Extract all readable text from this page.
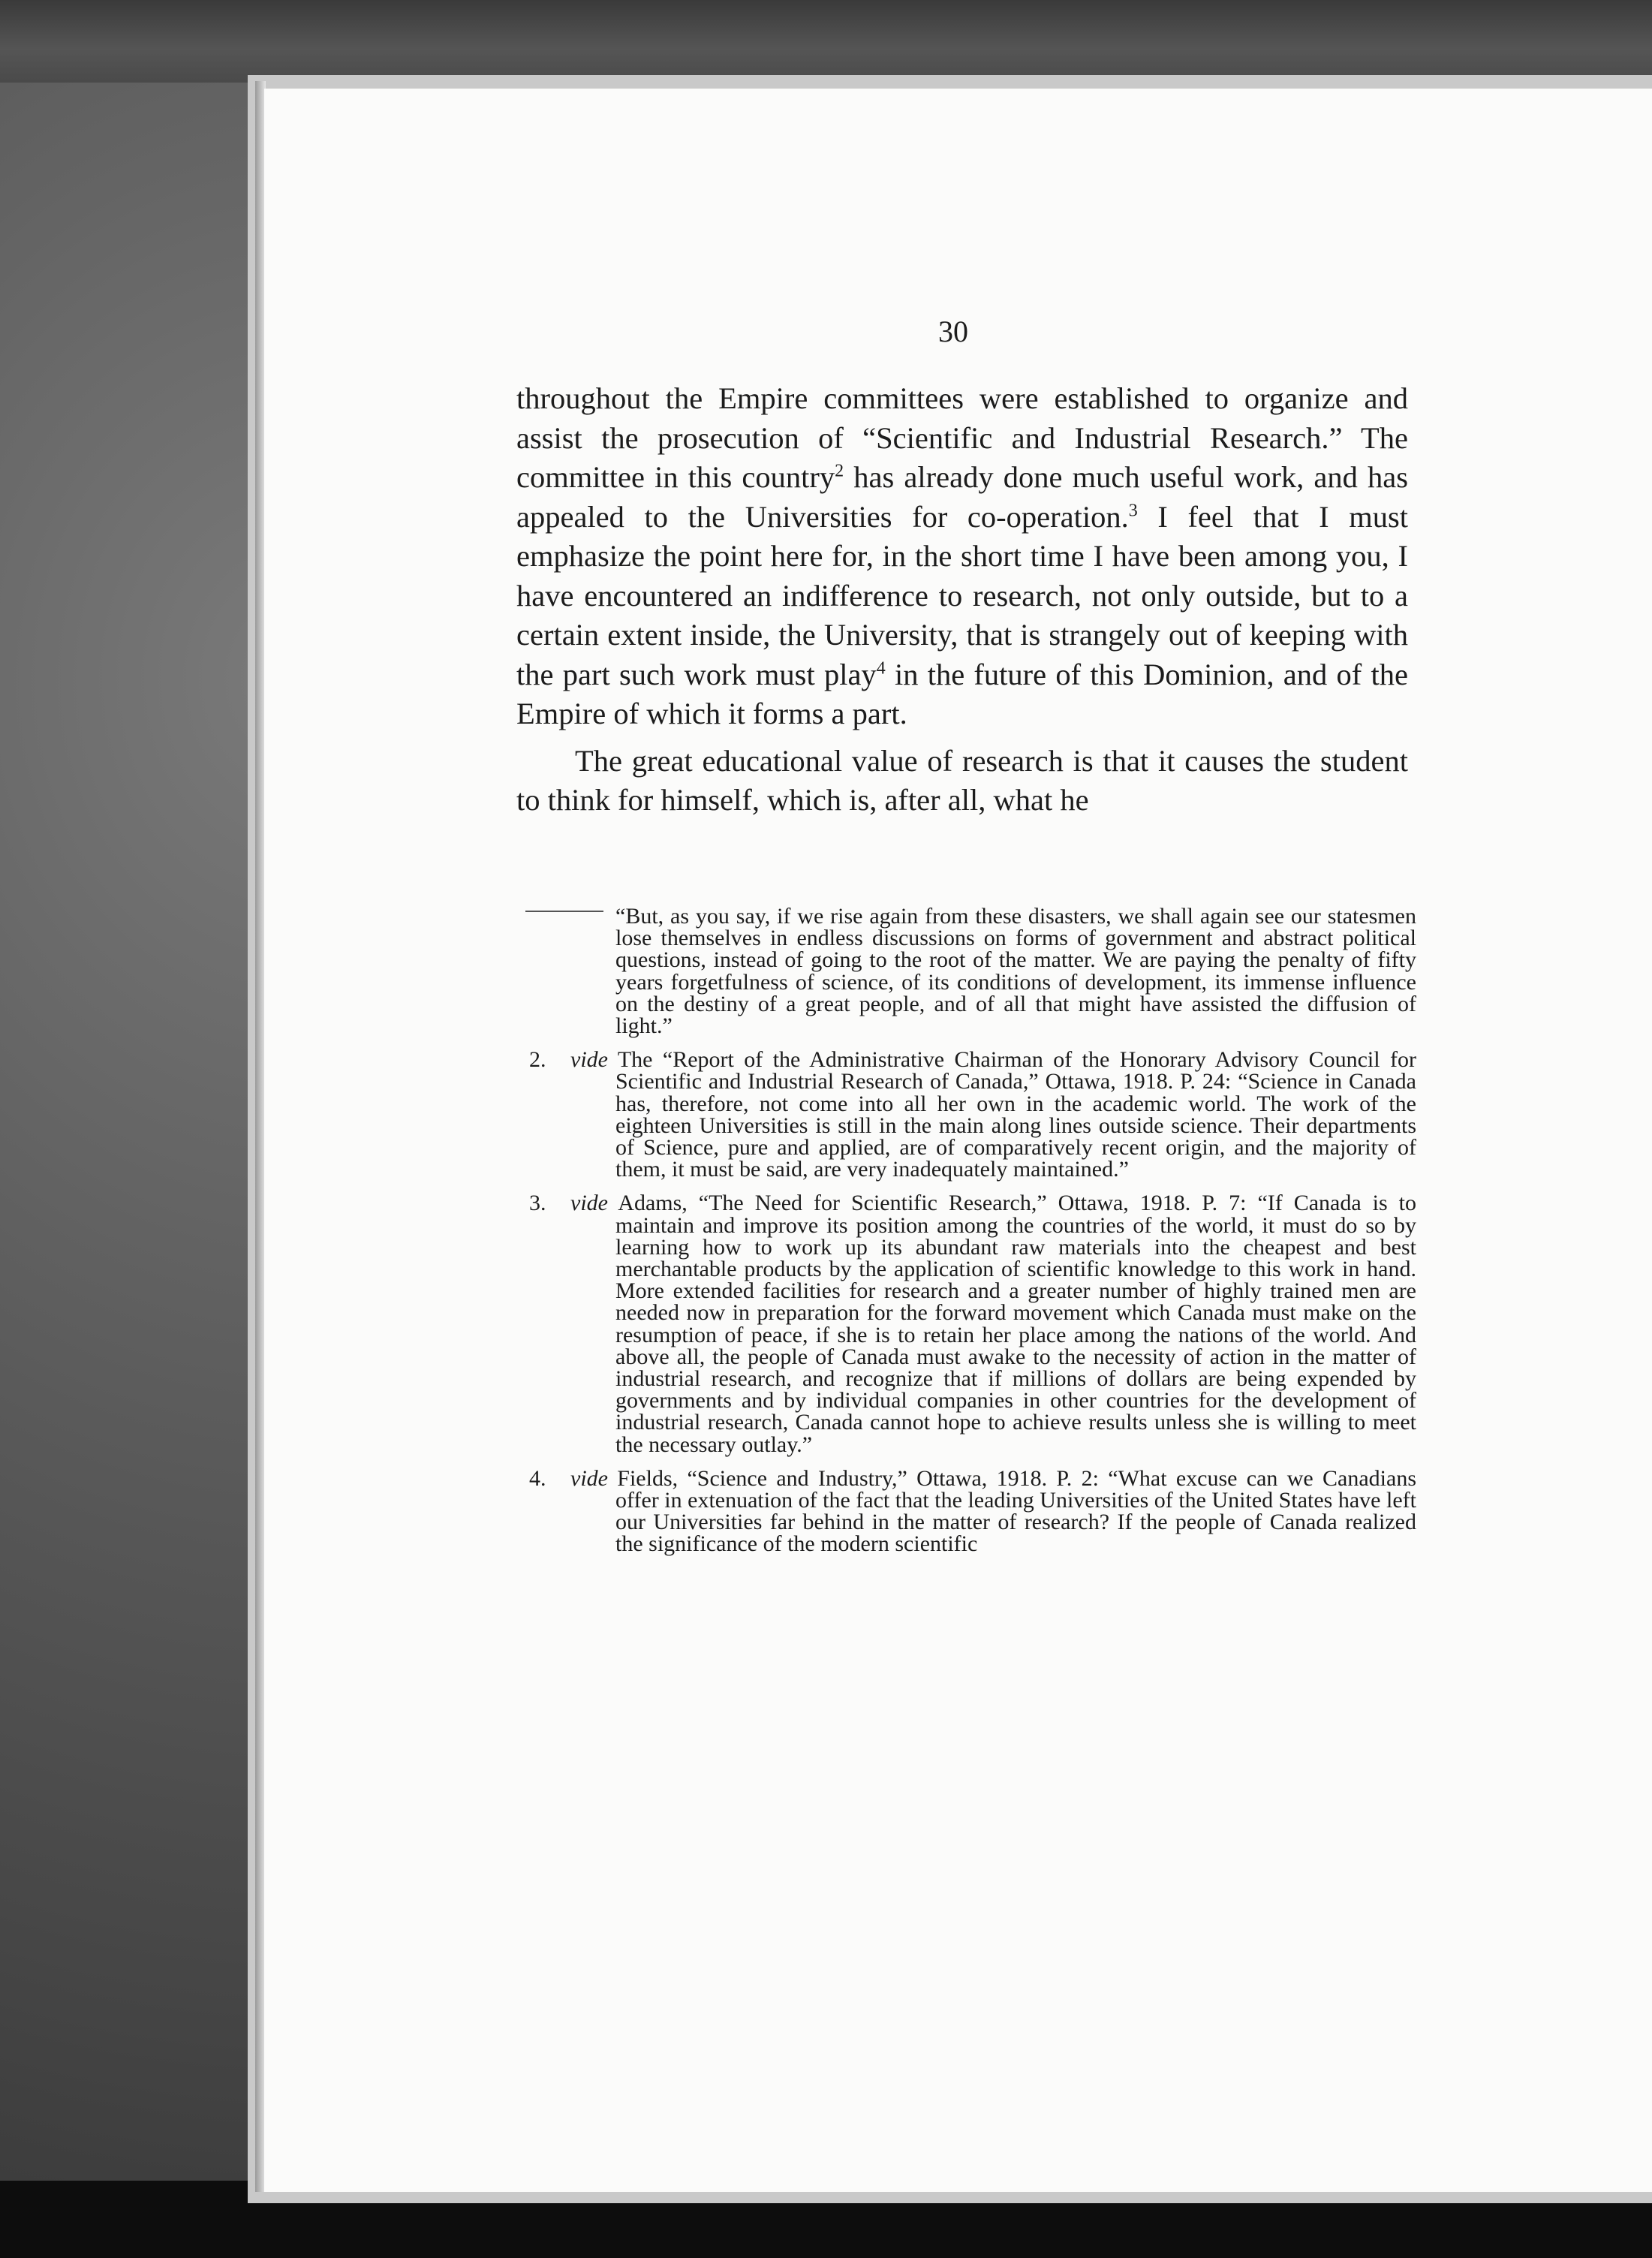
30

throughout the Empire committees were established to organize and assist the prosecution of “Scientific and Industrial Research.” The committee in this country$^2$ has already done much useful work, and has appealed to the Universities for co-operation.$^3$ I feel that I must emphasize the point here for, in the short time I have been among you, I have encountered an indifference to research, not only outside, but to a certain extent inside, the University, that is strangely out of keeping with the part such work must play$^4$ in the future of this Dominion, and of the Empire of which it forms a part.

The great educational value of research is that it causes the student to think for himself, which is, after all, what he

“But, as you say, if we rise again from these disasters, we shall again see our statesmen lose themselves in endless discussions on forms of government and abstract political questions, instead of going to the root of the matter. We are paying the penalty of fifty years forgetfulness of science, of its conditions of development, its immense influence on the destiny of a great people, and of all that might have assisted the diffusion of light.”

2. vide The “Report of the Administrative Chairman of the Honorary Advisory Council for Scientific and Industrial Research of Canada,” Ottawa, 1918. P. 24: “Science in Canada has, therefore, not come into all her own in the academic world. The work of the eighteen Universities is still in the main along lines outside science. Their departments of Science, pure and applied, are of comparatively recent origin, and the majority of them, it must be said, are very inadequately maintained.”

3. vide Adams, “The Need for Scientific Research,” Ottawa, 1918. P. 7: “If Canada is to maintain and improve its position among the countries of the world, it must do so by learning how to work up its abundant raw materials into the cheapest and best merchantable products by the application of scientific knowledge to this work in hand. More extended facilities for research and a greater number of highly trained men are needed now in preparation for the forward movement which Canada must make on the resumption of peace, if she is to retain her place among the nations of the world. And above all, the people of Canada must awake to the necessity of action in the matter of industrial research, and recognize that if millions of dollars are being expended by governments and by individual companies in other countries for the development of industrial research, Canada cannot hope to achieve results unless she is willing to meet the necessary outlay.”

4. vide Fields, “Science and Industry,” Ottawa, 1918. P. 2: “What excuse can we Canadians offer in extenuation of the fact that the leading Universities of the United States have left our Universities far behind in the matter of research? If the people of Canada realized the significance of the modern scientific
